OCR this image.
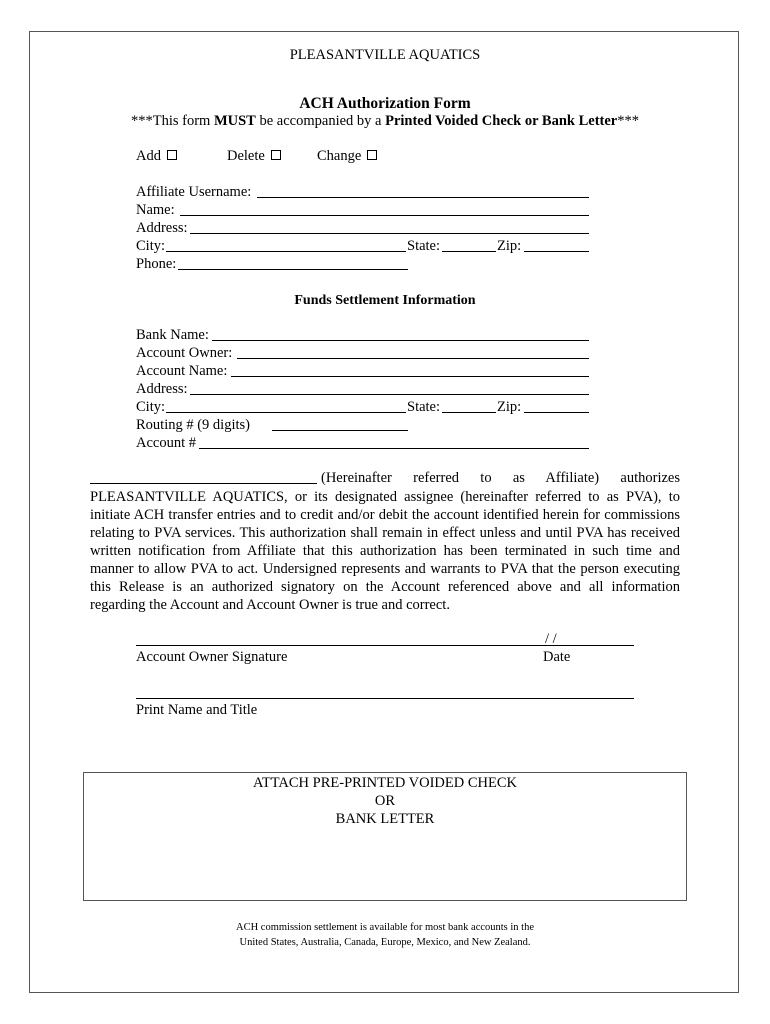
PLEASANTVILLE AQUATICS
ACH Authorization Form
***This form MUST be accompanied by a Printed Voided Check or Bank Letter***
Add	Delete	Change
Affiliate Username:
Name:
Address:
City:	State:	Zip:
Phone:
Funds Settlement Information
Bank Name:
Account Owner:
Account Name:
Address:
City:	State:	Zip:
Routing # (9 digits)
Account #
(Hereinafter referred to as Affiliate) authorizes
PLEASANTVILLE AQUATICS, or its designated assignee (hereinafter referred to as PVA), to initiate ACH transfer entries and to credit and/or debit the account identified herein for commissions relating to PVA services. This authorization shall remain in effect unless and until PVA has received written notification from Affiliate that this authorization has been terminated in such time and manner to allow PVA to act. Undersigned represents and warrants to PVA that the person executing this Release is an authorized signatory on the Account referenced above and all information regarding the Account and Account Owner is true and correct.
/ /
Account Owner Signature	Date
Print Name and Title
ATTACH PRE-PRINTED VOIDED CHECK
OR
BANK LETTER
ACH commission settlement is available for most bank accounts in the
United States, Australia, Canada, Europe, Mexico, and New Zealand.
